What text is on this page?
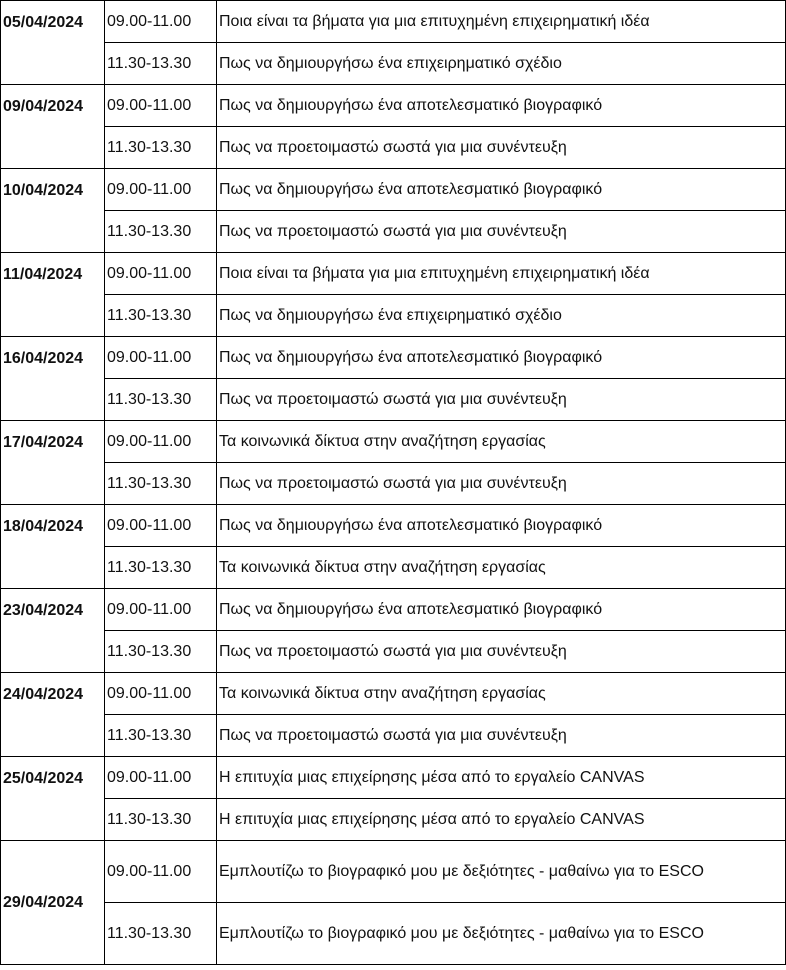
05/04/2024	09.00-11.00	Ποια είναι τα βήματα για μια επιτυχημένη επιχειρηματική ιδέα
	11.30-13.30	Πως να δημιουργήσω ένα επιχειρηματικό σχέδιο
09/04/2024	09.00-11.00	Πως να δημιουργήσω ένα αποτελεσματικό βιογραφικό
	11.30-13.30	Πως να προετοιμαστώ σωστά για μια συνέντευξη
10/04/2024	09.00-11.00	Πως να δημιουργήσω ένα αποτελεσματικό βιογραφικό
	11.30-13.30	Πως να προετοιμαστώ σωστά για μια συνέντευξη
11/04/2024	09.00-11.00	Ποια είναι τα βήματα για μια επιτυχημένη επιχειρηματική ιδέα
	11.30-13.30	Πως να δημιουργήσω ένα επιχειρηματικό σχέδιο
16/04/2024	09.00-11.00	Πως να δημιουργήσω ένα αποτελεσματικό βιογραφικό
	11.30-13.30	Πως να προετοιμαστώ σωστά για μια συνέντευξη
17/04/2024	09.00-11.00	Τα κοινωνικά δίκτυα στην αναζήτηση εργασίας
	11.30-13.30	Πως να προετοιμαστώ σωστά για μια συνέντευξη
18/04/2024	09.00-11.00	Πως να δημιουργήσω ένα αποτελεσματικό βιογραφικό
	11.30-13.30	Τα κοινωνικά δίκτυα στην αναζήτηση εργασίας
23/04/2024	09.00-11.00	Πως να δημιουργήσω ένα αποτελεσματικό βιογραφικό
	11.30-13.30	Πως να προετοιμαστώ σωστά για μια συνέντευξη
24/04/2024	09.00-11.00	Τα κοινωνικά δίκτυα στην αναζήτηση εργασίας
	11.30-13.30	Πως να προετοιμαστώ σωστά για μια συνέντευξη
25/04/2024	09.00-11.00	Η επιτυχία μιας επιχείρησης μέσα από το εργαλείο CANVAS
	11.30-13.30	Η επιτυχία μιας επιχείρησης μέσα από το εργαλείο CANVAS
29/04/2024	09.00-11.00	Εμπλουτίζω το βιογραφικό μου με δεξιότητες - μαθαίνω για το ESCO
	11.30-13.30	Εμπλουτίζω το βιογραφικό μου με δεξιότητες - μαθαίνω για το ESCO
